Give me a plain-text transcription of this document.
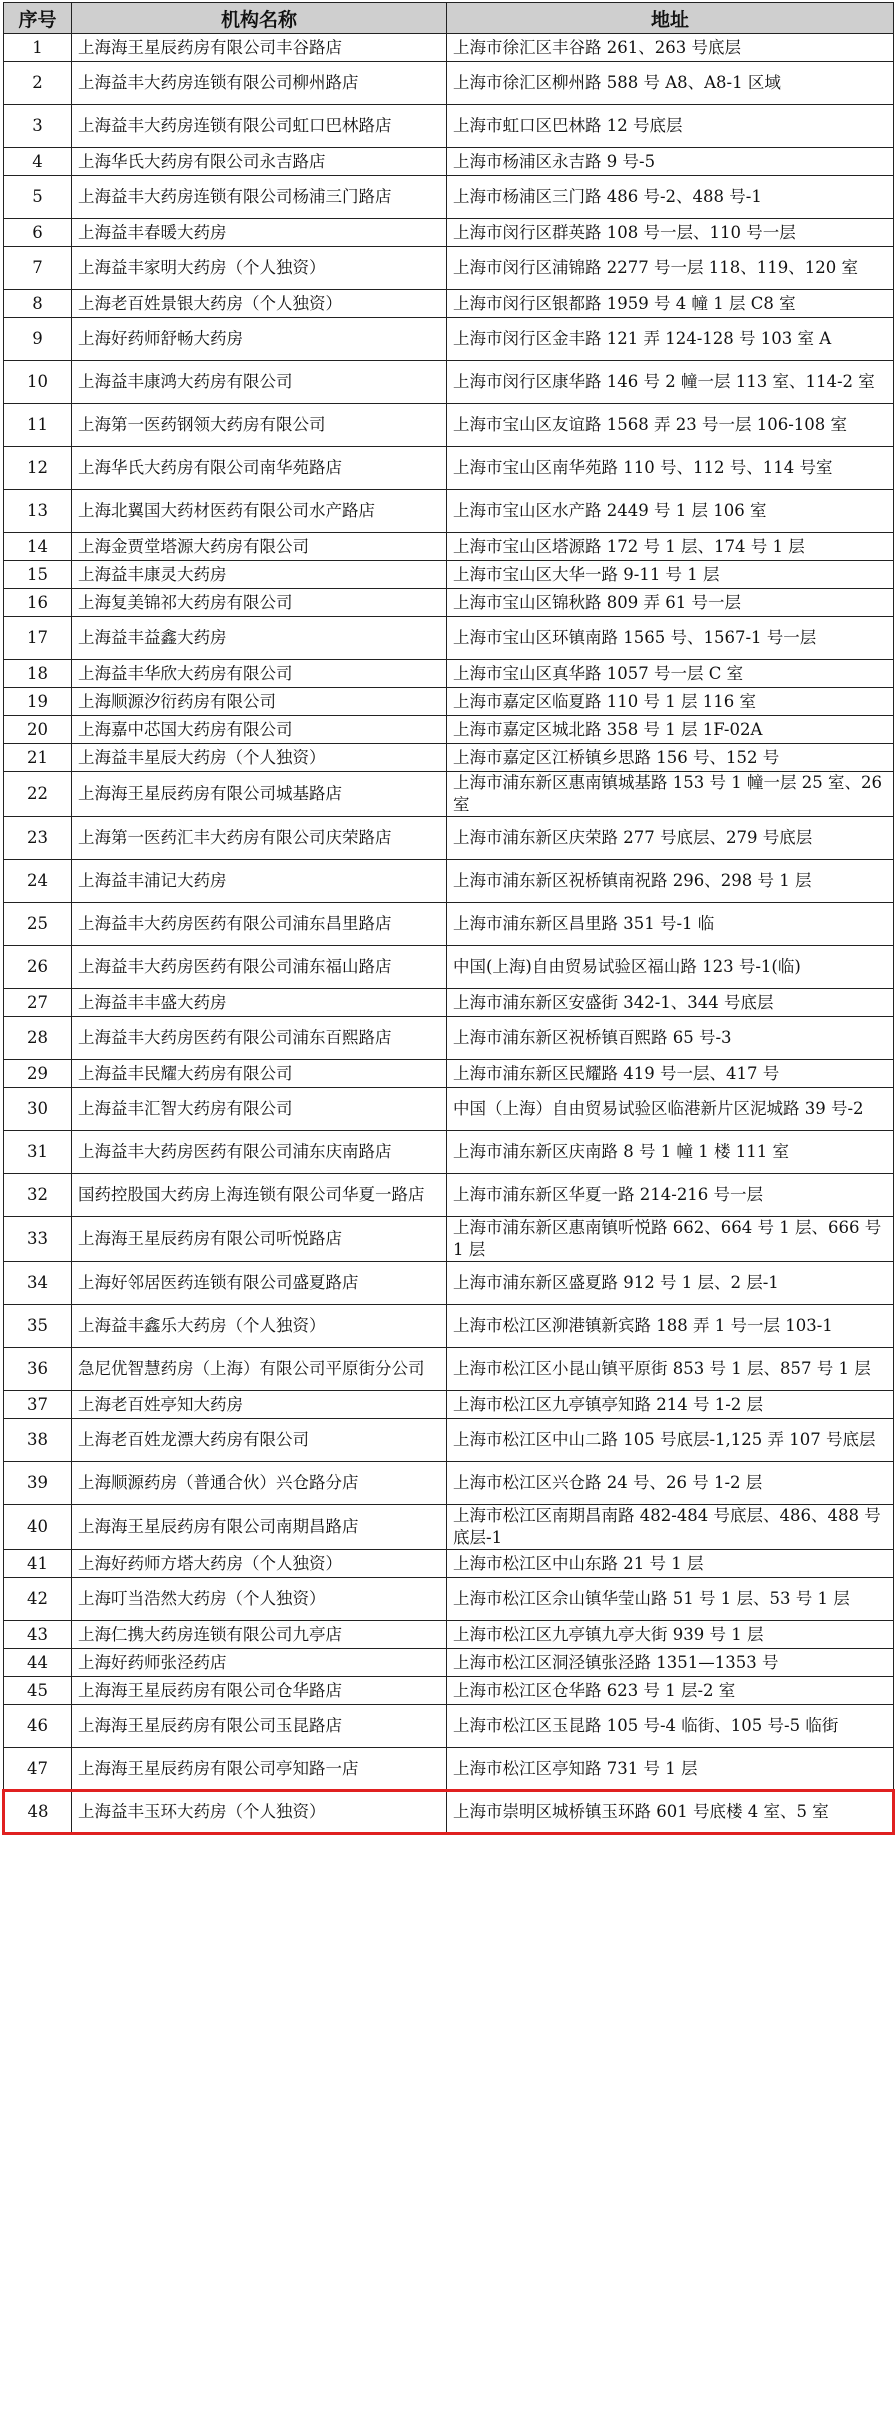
序号	机构名称	地址
1	上海海王星辰药房有限公司丰谷路店	上海市徐汇区丰谷路 261、263 号底层
2	上海益丰大药房连锁有限公司柳州路店	上海市徐汇区柳州路 588 号 A8、A8-1 区域
3	上海益丰大药房连锁有限公司虹口巴林路店	上海市虹口区巴林路 12 号底层
4	上海华氏大药房有限公司永吉路店	上海市杨浦区永吉路 9 号-5
5	上海益丰大药房连锁有限公司杨浦三门路店	上海市杨浦区三门路 486 号-2、488 号-1
6	上海益丰春暖大药房	上海市闵行区群英路 108 号一层、110 号一层
7	上海益丰家明大药房（个人独资）	上海市闵行区浦锦路 2277 号一层 118、119、120 室
8	上海老百姓景银大药房（个人独资）	上海市闵行区银都路 1959 号 4 幢 1 层 C8 室
9	上海好药师舒畅大药房	上海市闵行区金丰路 121 弄 124-128 号 103 室 A
10	上海益丰康鸿大药房有限公司	上海市闵行区康华路 146 号 2 幢一层 113 室、114-2 室
11	上海第一医药钢领大药房有限公司	上海市宝山区友谊路 1568 弄 23 号一层 106-108 室
12	上海华氏大药房有限公司南华苑路店	上海市宝山区南华苑路 110 号、112 号、114 号室
13	上海北翼国大药材医药有限公司水产路店	上海市宝山区水产路 2449 号 1 层 106 室
14	上海金贾堂塔源大药房有限公司	上海市宝山区塔源路 172 号 1 层、174 号 1 层
15	上海益丰康灵大药房	上海市宝山区大华一路 9-11 号 1 层
16	上海复美锦祁大药房有限公司	上海市宝山区锦秋路 809 弄 61 号一层
17	上海益丰益鑫大药房	上海市宝山区环镇南路 1565 号、1567-1 号一层
18	上海益丰华欣大药房有限公司	上海市宝山区真华路 1057 号一层 C 室
19	上海顺源汐衍药房有限公司	上海市嘉定区临夏路 110 号 1 层 116 室
20	上海嘉中芯国大药房有限公司	上海市嘉定区城北路 358 号 1 层 1F-02A
21	上海益丰星辰大药房（个人独资）	上海市嘉定区江桥镇乡思路 156 号、152 号
22	上海海王星辰药房有限公司城基路店	上海市浦东新区惠南镇城基路 153 号 1 幢一层 25 室、26 室
23	上海第一医药汇丰大药房有限公司庆荣路店	上海市浦东新区庆荣路 277 号底层、279 号底层
24	上海益丰浦记大药房	上海市浦东新区祝桥镇南祝路 296、298 号 1 层
25	上海益丰大药房医药有限公司浦东昌里路店	上海市浦东新区昌里路 351 号-1 临
26	上海益丰大药房医药有限公司浦东福山路店	中国(上海)自由贸易试验区福山路 123 号-1(临)
27	上海益丰丰盛大药房	上海市浦东新区安盛街 342-1、344 号底层
28	上海益丰大药房医药有限公司浦东百熙路店	上海市浦东新区祝桥镇百熙路 65 号-3
29	上海益丰民耀大药房有限公司	上海市浦东新区民耀路 419 号一层、417 号
30	上海益丰汇智大药房有限公司	中国（上海）自由贸易试验区临港新片区泥城路 39 号-2
31	上海益丰大药房医药有限公司浦东庆南路店	上海市浦东新区庆南路 8 号 1 幢 1 楼 111 室
32	国药控股国大药房上海连锁有限公司华夏一路店	上海市浦东新区华夏一路 214-216 号一层
33	上海海王星辰药房有限公司听悦路店	上海市浦东新区惠南镇听悦路 662、664 号 1 层、666 号 1 层
34	上海好邻居医药连锁有限公司盛夏路店	上海市浦东新区盛夏路 912 号 1 层、2 层-1
35	上海益丰鑫乐大药房（个人独资）	上海市松江区泖港镇新宾路 188 弄 1 号一层 103-1
36	急尼优智慧药房（上海）有限公司平原街分公司	上海市松江区小昆山镇平原街 853 号 1 层、857 号 1 层
37	上海老百姓亭知大药房	上海市松江区九亭镇亭知路 214 号 1-2 层
38	上海老百姓龙漂大药房有限公司	上海市松江区中山二路 105 号底层-1,125 弄 107 号底层
39	上海顺源药房（普通合伙）兴仓路分店	上海市松江区兴仓路 24 号、26 号 1-2 层
40	上海海王星辰药房有限公司南期昌路店	上海市松江区南期昌南路 482-484 号底层、486、488 号底层-1
41	上海好药师方塔大药房（个人独资）	上海市松江区中山东路 21 号 1 层
42	上海叮当浩然大药房（个人独资）	上海市松江区佘山镇华莹山路 51 号 1 层、53 号 1 层
43	上海仁携大药房连锁有限公司九亭店	上海市松江区九亭镇九亭大街 939 号 1 层
44	上海好药师张泾药店	上海市松江区洞泾镇张泾路 1351—1353 号
45	上海海王星辰药房有限公司仓华路店	上海市松江区仓华路 623 号 1 层-2 室
46	上海海王星辰药房有限公司玉昆路店	上海市松江区玉昆路 105 号-4 临街、105 号-5 临街
47	上海海王星辰药房有限公司亭知路一店	上海市松江区亭知路 731 号 1 层
48	上海益丰玉环大药房（个人独资）	上海市崇明区城桥镇玉环路 601 号底楼 4 室、5 室
